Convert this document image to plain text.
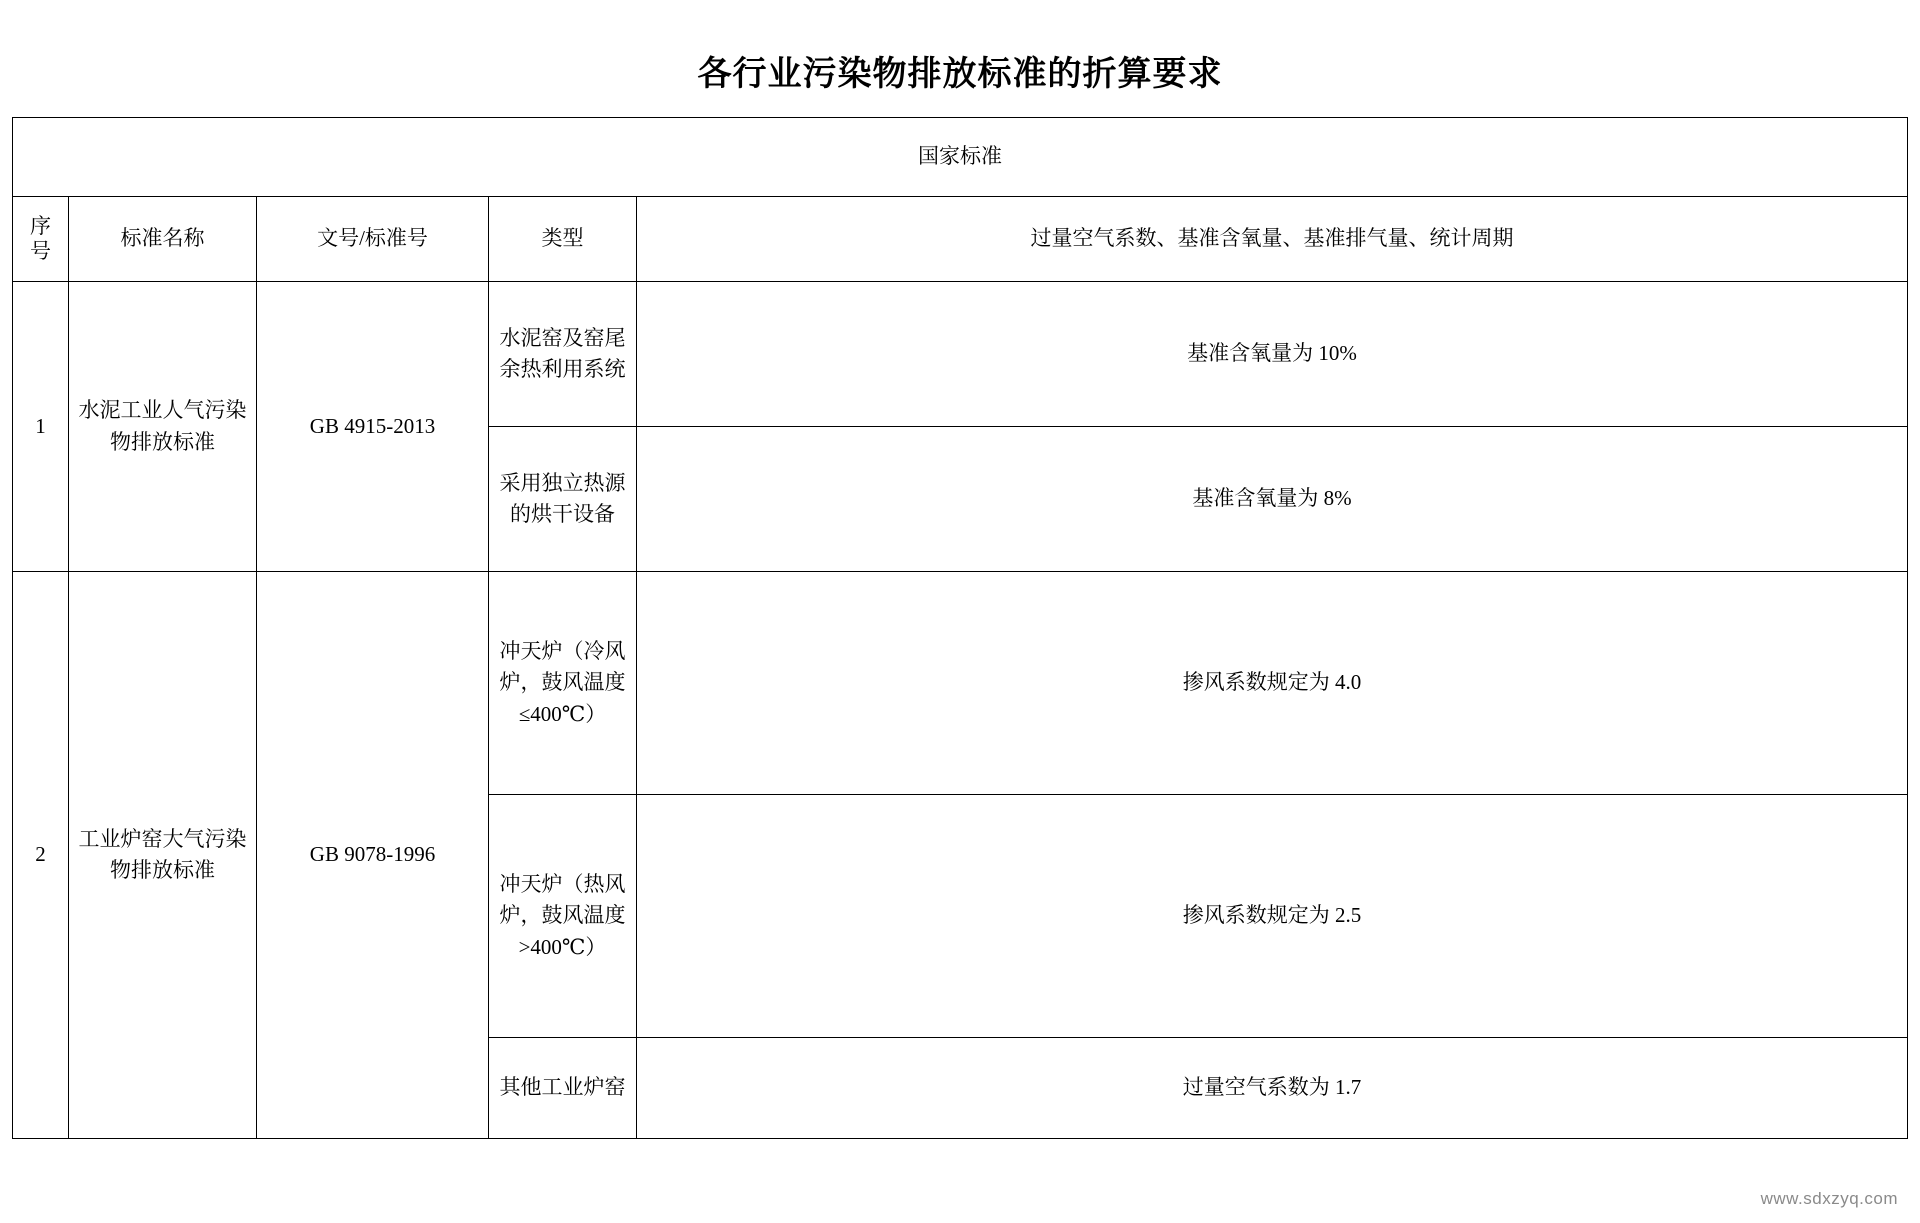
各行业污染物排放标准的折算要求
国家标准				

序
号	标准名称	文号/标准号	类型	过量空气系数、基准含氧量、基准排气量、统计周期
1	水泥工业人气污染物排放标准	GB 4915-2013	水泥窑及窑尾余热利用系统	基准含氧量为 10%
			采用独立热源的烘干设备	基准含氧量为 8%
2	工业炉窑大气污染物排放标准	GB 9078-1996	冲天炉（冷风炉，鼓风温度≤400℃）	掺风系数规定为 4.0
			冲天炉（热风炉，鼓风温度>400℃）	掺风系数规定为 2.5
			其他工业炉窑	过量空气系数为 1.7
www.sdxzyq.com
